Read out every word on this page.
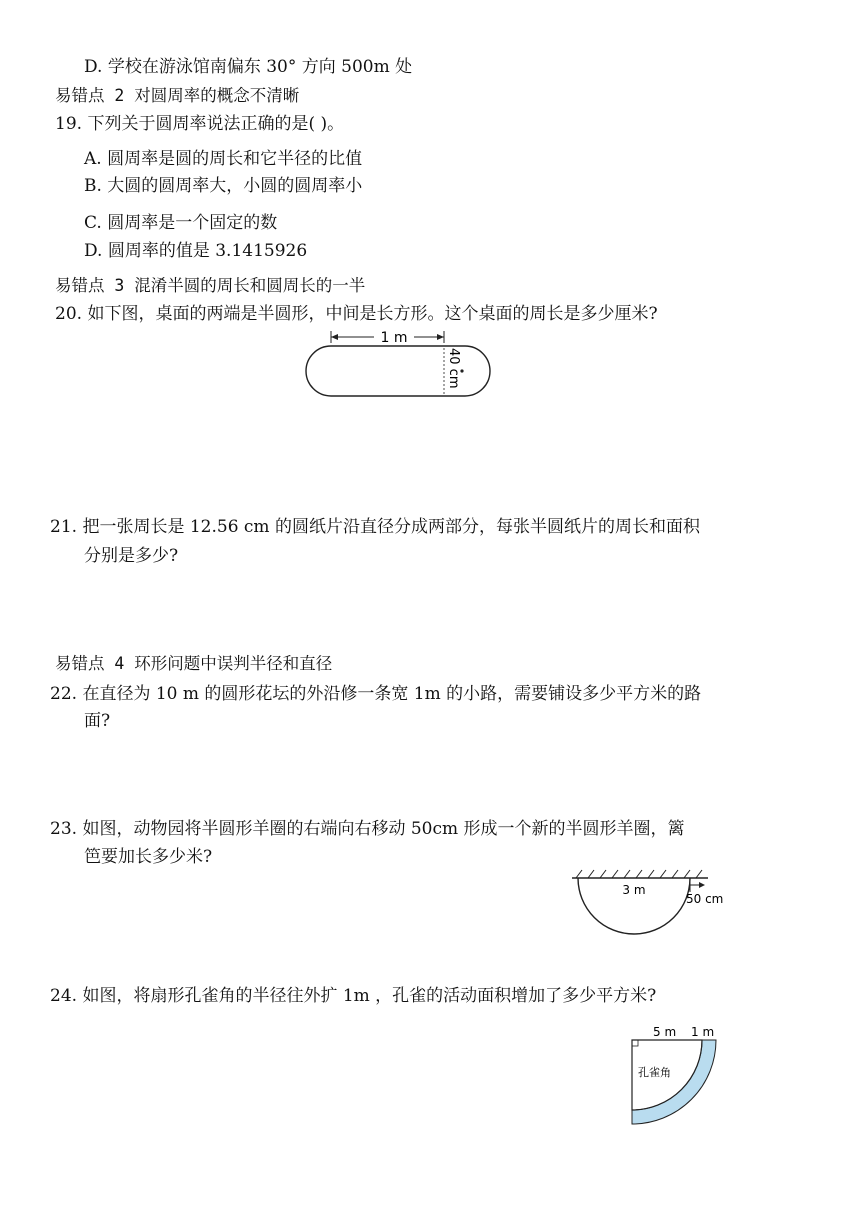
D. 学校在游泳馆南偏东 30° 方向 500m 处
易错点 2 对圆周率的概念不清晰
19. 下列关于圆周率说法正确的是( )。
A. 圆周率是圆的周长和它半径的比值
B. 大圆的圆周率大，小圆的圆周率小
C. 圆周率是一个固定的数
D. 圆周率的值是 3.1415926
易错点 3 混淆半圆的周长和圆周长的一半
20. 如下图，桌面的两端是半圆形，中间是长方形。这个桌面的周长是多少厘米?
1 m
40 cm
21. 把一张周长是 12.56 cm 的圆纸片沿直径分成两部分，每张半圆纸片的周长和面积
分别是多少?
易错点 4 环形问题中误判半径和直径
22. 在直径为 10 m 的圆形花坛的外沿修一条宽 1m 的小路，需要铺设多少平方米的路
面?
23. 如图，动物园将半圆形羊圈的右端向右移动 50cm 形成一个新的半圆形羊圈，篱
笆要加长多少米?
3 m
50 cm
24. 如图，将扇形孔雀角的半径往外扩 1m ，孔雀的活动面积增加了多少平方米?
5 m 1 m
孔雀角
